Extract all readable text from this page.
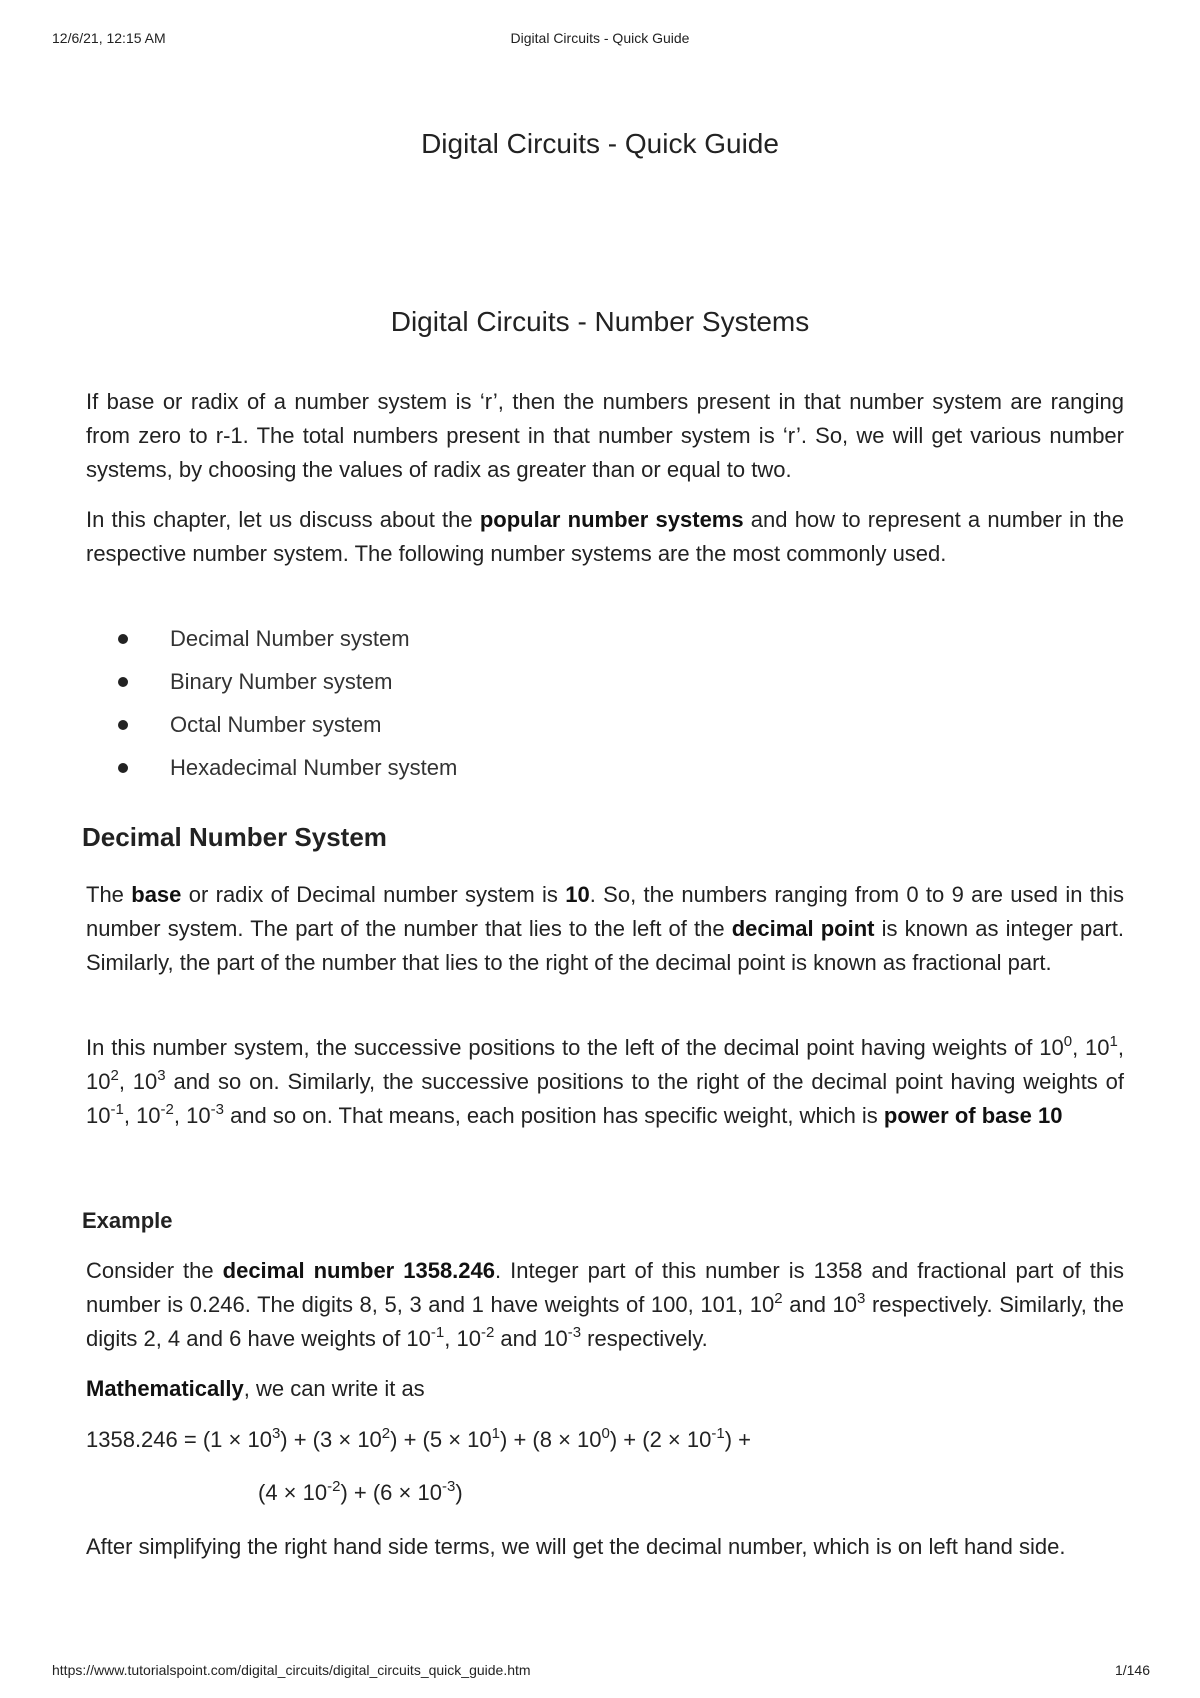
12/6/21, 12:15 AM	Digital Circuits - Quick Guide
Digital Circuits - Quick Guide
Digital Circuits - Number Systems

If base or radix of a number system is ‘r’, then the numbers present in that number system are ranging from zero to r-1. The total numbers present in that number system is ‘r’. So, we will get various number systems, by choosing the values of radix as greater than or equal to two.

In this chapter, let us discuss about the popular number systems and how to represent a number in the respective number system. The following number systems are the most commonly used.

Decimal Number system
Binary Number system
Octal Number system
Hexadecimal Number system
Decimal Number System

The base or radix of Decimal number system is 10. So, the numbers ranging from 0 to 9 are used in this number system. The part of the number that lies to the left of the decimal point is known as integer part. Similarly, the part of the number that lies to the right of the decimal point is known as fractional part.

In this number system, the successive positions to the left of the decimal point having weights of $10^0$, $10^1$, $10^2$, $10^3$ and so on. Similarly, the successive positions to the right of the decimal point having weights of $10^{-1}$, $10^{-2}$, $10^{-3}$ and so on. That means, each position has specific weight, which is power of base 10

Example

Consider the decimal number 1358.246. Integer part of this number is 1358 and fractional part of this number is 0.246. The digits 8, 5, 3 and 1 have weights of 100, 101, $10^2$ and $10^3$ respectively. Similarly, the digits 2, 4 and 6 have weights of $10^{-1}$, $10^{-2}$ and $10^{-3}$ respectively.

Mathematically, we can write it as

$1358.246 = (1 \times 10^3) + (3 \times 10^2) + (5 \times 10^1) + (8 \times 10^0) + (2 \times 10^{-1})$ +
$(4 \times 10^{-2}) + (6 \times 10^{-3})$

After simplifying the right hand side terms, we will get the decimal number, which is on left hand side.

https://www.tutorialspoint.com/digital_circuits/digital_circuits_quick_guide.htm	1/146
